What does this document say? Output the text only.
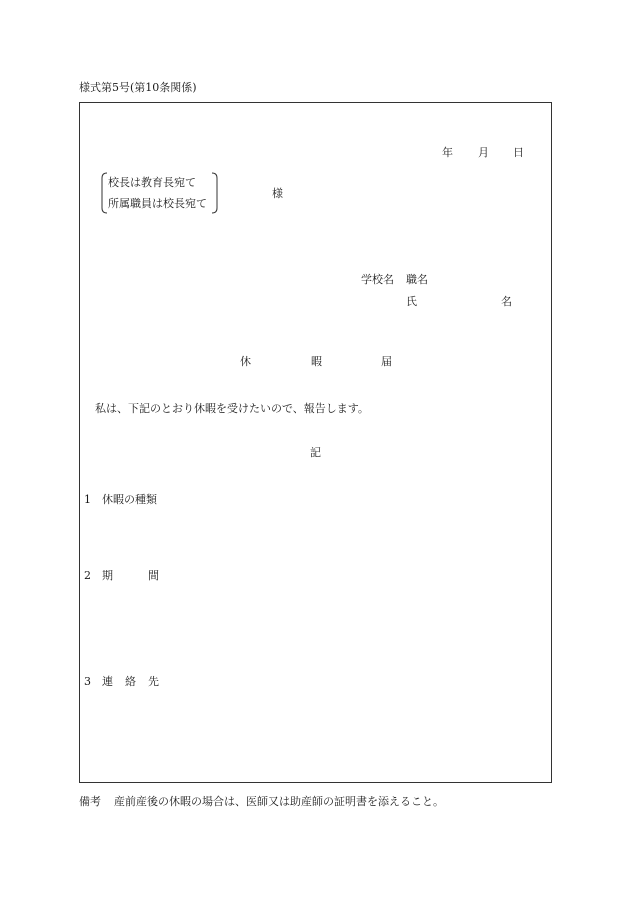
様式第5号(第10条関係)
年 月 日
校長は教育長宛て
所属職員は校長宛て
様
学校名 職名
氏	名
休	暇	届
私は、下記のとおり休暇を受けたいので、報告します。
記
1 休暇の種類
2 期	間
3 連 絡 先
備考 産前産後の休暇の場合は、医師又は助産師の証明書を添えること。
